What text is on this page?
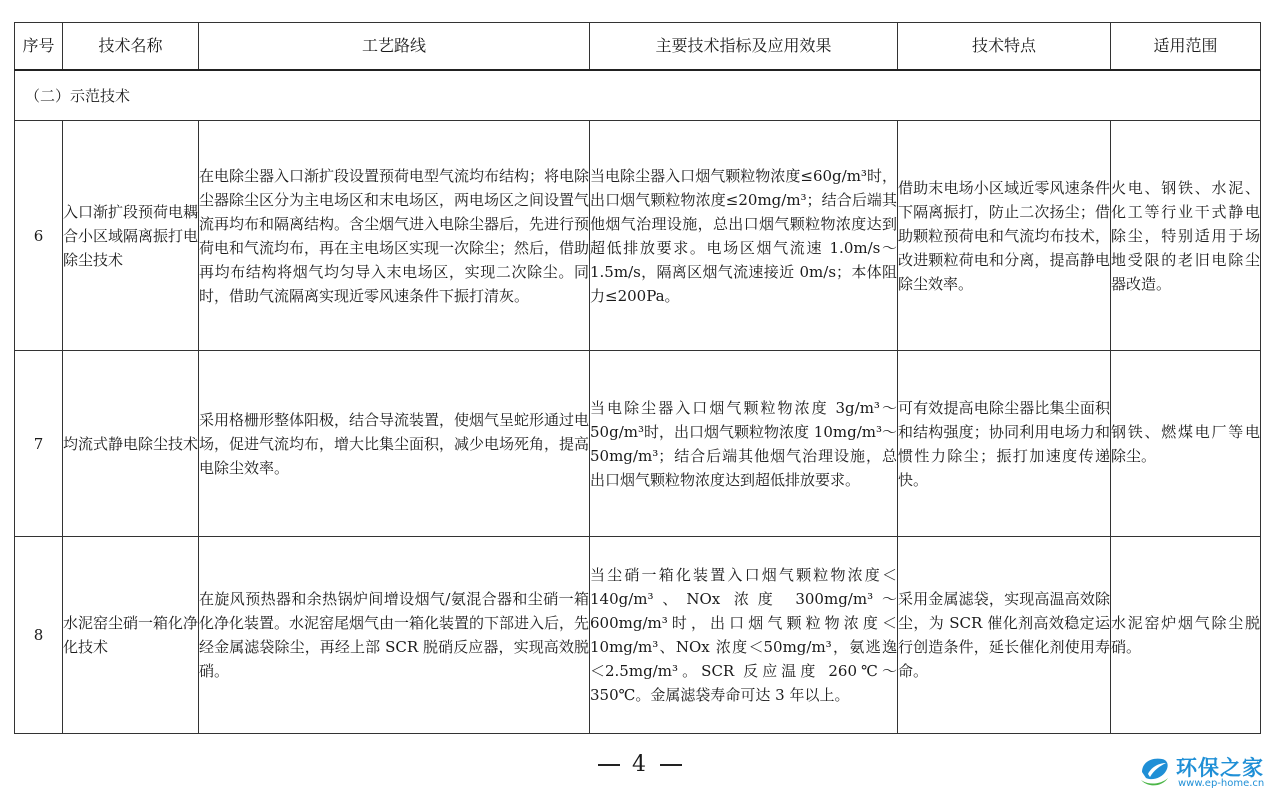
序号	技术名称	工艺路线	主要技术指标及应用效果	技术特点	适用范围
（二）示范技术					
6	入口渐扩段预荷电耦合小区域隔离振打电除尘技术	在电除尘器入口渐扩段设置预荷电型气流均布结构；将电除尘器除尘区分为主电场区和末电场区，两电场区之间设置气流再均布和隔离结构。含尘烟气进入电除尘器后，先进行预荷电和气流均布，再在主电场区实现一次除尘；然后，借助再均布结构将烟气均匀导入末电场区，实现二次除尘。同时，借助气流隔离实现近零风速条件下振打清灰。	当电除尘器入口烟气颗粒物浓度≤60g/m³时，出口烟气颗粒物浓度≤20mg/m³；结合后端其他烟气治理设施，总出口烟气颗粒物浓度达到超低排放要求。电场区烟气流速 1.0m/s～1.5m/s，隔离区烟气流速接近 0m/s；本体阻力≤200Pa。	借助末电场小区域近零风速条件下隔离振打，防止二次扬尘；借助颗粒预荷电和气流均布技术，改进颗粒荷电和分离，提高静电除尘效率。	火电、钢铁、水泥、化工等行业干式静电除尘，特别适用于场地受限的老旧电除尘器改造。
7	均流式静电除尘技术	采用格栅形整体阳极，结合导流装置，使烟气呈蛇形通过电场，促进气流均布，增大比集尘面积，减少电场死角，提高电除尘效率。	当电除尘器入口烟气颗粒物浓度 3g/m³～50g/m³时，出口烟气颗粒物浓度 10mg/m³～50mg/m³；结合后端其他烟气治理设施，总出口烟气颗粒物浓度达到超低排放要求。	可有效提高电除尘器比集尘面积和结构强度；协同利用电场力和惯性力除尘；振打加速度传递快。	钢铁、燃煤电厂等电除尘。
8	水泥窑尘硝一箱化净化技术	在旋风预热器和余热锅炉间增设烟气/氨混合器和尘硝一箱化净化装置。水泥窑尾烟气由一箱化装置的下部进入后，先经金属滤袋除尘，再经上部 SCR 脱硝反应器，实现高效脱硝。	当尘硝一箱化装置入口烟气颗粒物浓度＜140g/m³、NOx 浓度 300mg/m³～600mg/m³时，出口烟气颗粒物浓度＜10mg/m³、NOx 浓度＜50mg/m³，氨逃逸＜2.5mg/m³。SCR 反应温度 260℃～350℃。金属滤袋寿命可达 3 年以上。	采用金属滤袋，实现高温高效除尘，为 SCR 催化剂高效稳定运行创造条件，延长催化剂使用寿命。	水泥窑炉烟气除尘脱硝。
4	环保之家
www.ep-home.cn
